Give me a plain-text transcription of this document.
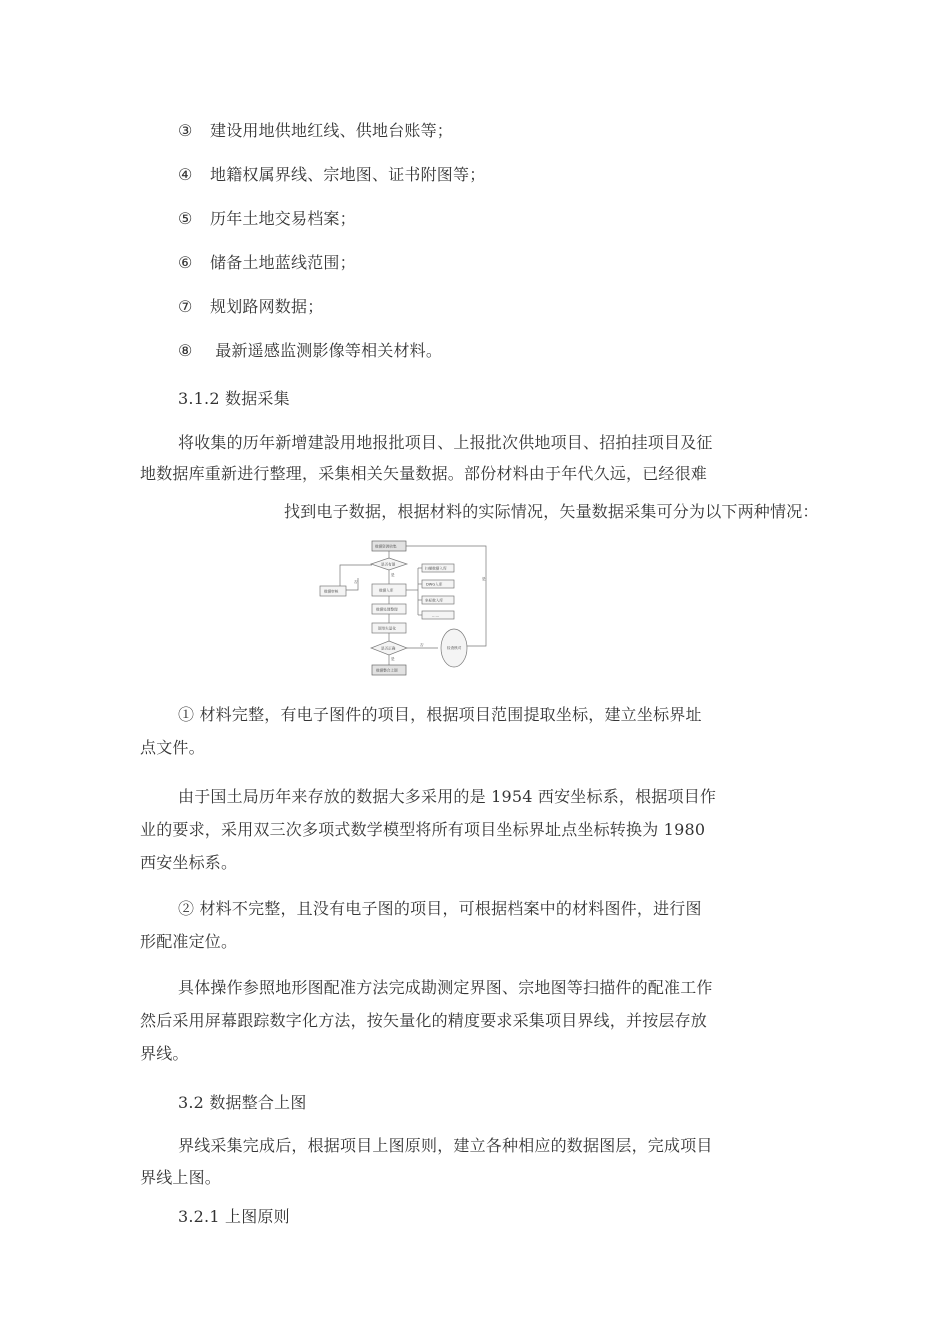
③ 建设用地供地红线、供地台账等；
④ 地籍权属界线、宗地图、证书附图等；
⑤ 历年土地交易档案；
⑥ 储备土地蓝线范围；
⑦ 规划路网数据；
⑧ 最新遥感监测影像等相关材料。
3.1.2 数据采集
将收集的历年新增建設用地报批项目、上报批次供地项目、招拍挂项目及征
地数据库重新进行整理，采集相关矢量数据。部份材料由于年代久远，已经很难
找到电子数据，根据材料的实际情况，矢量数据采集可分为以下两种情况：
数据资源收集
是否有图
数据审核	数据入库
扫描数据入库
DWG入库
坐标数入库
……
数据处理整理
图形矢量化
是否正确	检查核对
数据整合上图
是
否
否
是
是
① 材料完整，有电子图件的项目，根据项目范围提取坐标，建立坐标界址
点文件。
由于国土局历年来存放的数据大多采用的是 1954 西安坐标系，根据项目作
业的要求，采用双三次多项式数学模型将所有项目坐标界址点坐标转换为 1980
西安坐标系。
② 材料不完整，且没有电子图的项目，可根据档案中的材料图件，进行图
形配准定位。
具体操作参照地形图配准方法完成勘测定界图、宗地图等扫描件的配准工作
然后采用屏幕跟踪数字化方法，按矢量化的精度要求采集项目界线，并按层存放
界线。
3.2 数据整合上图
界线采集完成后，根据项目上图原则，建立各种相应的数据图层，完成项目
界线上图。
3.2.1 上图原则
